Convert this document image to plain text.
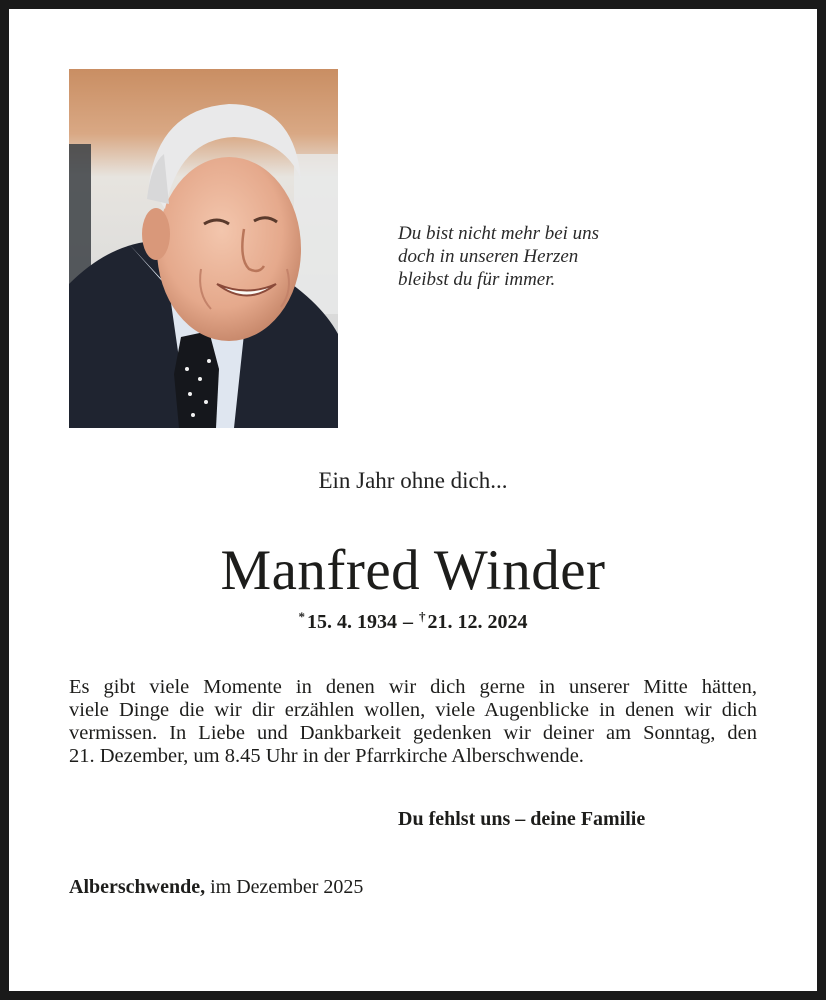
Du bist nicht mehr bei uns
doch in unseren Herzen
bleibst du für immer.
Ein Jahr ohne dich...
Manfred Winder
* 15. 4. 1934 – † 21. 12. 2024
Es gibt viele Momente in denen wir dich gerne in unserer Mitte hätten,
viele Dinge die wir dir erzählen wollen, viele Augenblicke in denen wir dich
vermissen. In Liebe und Dankbarkeit gedenken wir deiner am Sonntag, den
21. Dezember, um 8.45 Uhr in der Pfarrkirche Alberschwende.
Du fehlst uns – deine Familie
Alberschwende, im Dezember 2025
